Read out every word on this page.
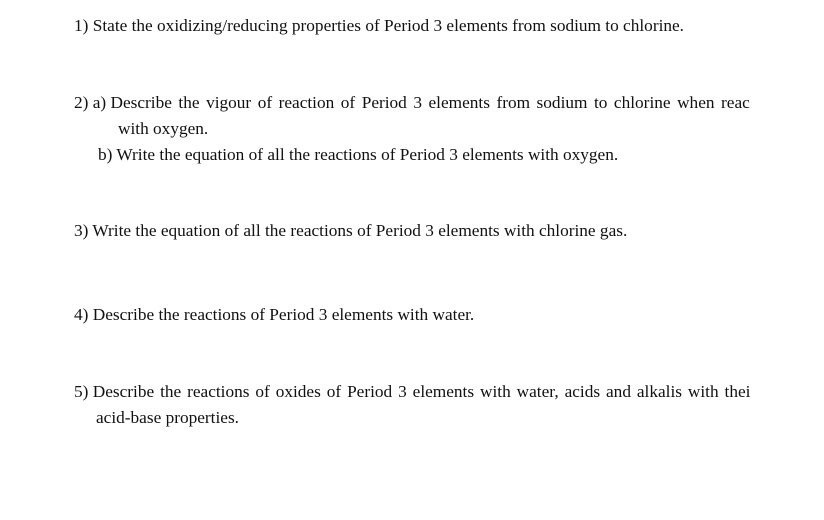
1) State the oxidizing/reducing properties of Period 3 elements from sodium to chlorine.
2) a) Describe the vigour of reaction of Period 3 elements from sodium to chlorine when reac
with oxygen.
b) Write the equation of all the reactions of Period 3 elements with oxygen.
3) Write the equation of all the reactions of Period 3 elements with chlorine gas.
4) Describe the reactions of Period 3 elements with water.
5) Describe the reactions of oxides of Period 3 elements with water, acids and alkalis with thei
acid-base properties.
